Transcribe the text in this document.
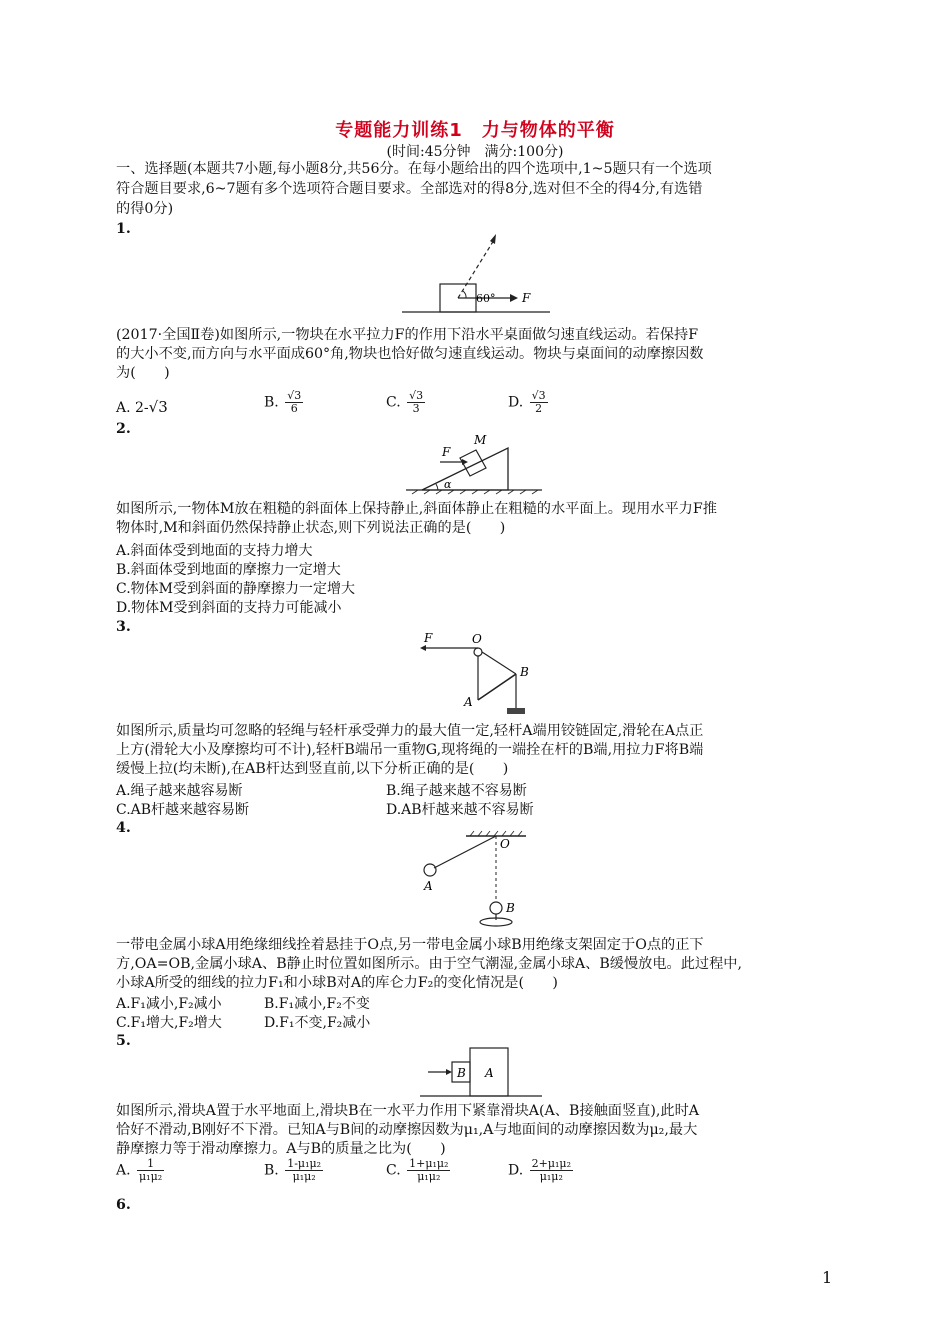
专题能力训练1　力与物体的平衡
(时间:45分钟　满分:100分)
一、选择题(本题共7小题,每小题8分,共56分。在每小题给出的四个选项中,1~5题只有一个选项
符合题目要求,6~7题有多个选项符合题目要求。全部选对的得8分,选对但不全的得4分,有选错
的得0分)
1.
60° F
(2017·全国Ⅱ卷)如图所示,一物块在水平拉力F的作用下沿水平桌面做匀速直线运动。若保持F
的大小不变,而方向与水平面成60°角,物块也恰好做匀速直线运动。物块与桌面间的动摩擦因数
为(　　)
A. 2-√3	B. $\frac{√3}{6}$	C. $\frac{√3}{3}$	D. $\frac{√3}{2}$
2.
F
M
α
如图所示,一物体M放在粗糙的斜面体上保持静止,斜面体静止在粗糙的水平面上。现用水平力F推
物体时,M和斜面仍然保持静止状态,则下列说法正确的是(　　)
A.斜面体受到地面的支持力增大
B.斜面体受到地面的摩擦力一定增大
C.物体M受到斜面的静摩擦力一定增大
D.物体M受到斜面的支持力可能减小
3.
F	O
B
A
如图所示,质量均可忽略的轻绳与轻杆承受弹力的最大值一定,轻杆A端用铰链固定,滑轮在A点正
上方(滑轮大小及摩擦均可不计),轻杆B端吊一重物G,现将绳的一端拴在杆的B端,用拉力F将B端
缓慢上拉(均未断),在AB杆达到竖直前,以下分析正确的是(　　)
A.绳子越来越容易断	B.绳子越来越不容易断
C.AB杆越来越容易断	D.AB杆越来越不容易断
4.
O
A
B
一带电金属小球A用绝缘细线拴着悬挂于O点,另一带电金属小球B用绝缘支架固定于O点的正下
方,OA=OB,金属小球A、B静止时位置如图所示。由于空气潮湿,金属小球A、B缓慢放电。此过程中,
小球A所受的细线的拉力F₁和小球B对A的库仑力F₂的变化情况是(　　)
A.F₁减小,F₂减小	B.F₁减小,F₂不变
C.F₁增大,F₂增大	D.F₁不变,F₂减小
5.
B A
如图所示,滑块A置于水平地面上,滑块B在一水平力作用下紧靠滑块A(A、B接触面竖直),此时A
恰好不滑动,B刚好不下滑。已知A与B间的动摩擦因数为μ₁,A与地面间的动摩擦因数为μ₂,最大
静摩擦力等于滑动摩擦力。A与B的质量之比为(　　)
A. $\frac{1}{\text{μ₁μ₂}}$	B. $\frac{\text{1-μ₁μ₂}}{\text{μ₁μ₂}}$	C. $\frac{\text{1+μ₁μ₂}}{\text{μ₁μ₂}}$	D. $\frac{\text{2+μ₁μ₂}}{\text{μ₁μ₂}}$
6.
1
